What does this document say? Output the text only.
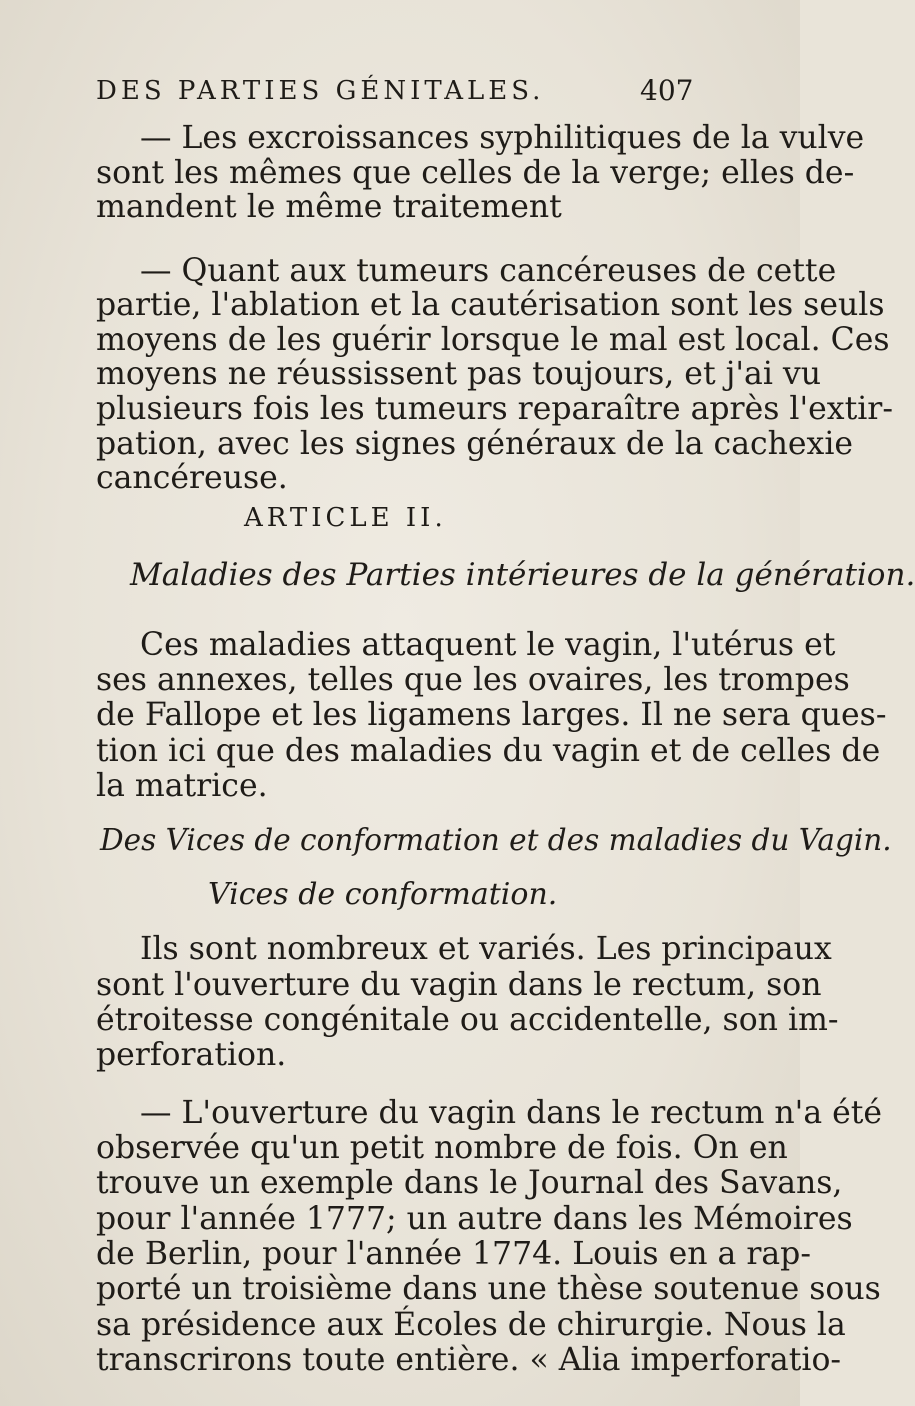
DES PARTIES GÉNITALES.	407
— Les excroissances syphilitiques de la vulve
sont les mêmes que celles de la verge; elles de-
mandent le même traitement
— Quant aux tumeurs cancéreuses de cette
partie, l'ablation et la cautérisation sont les seuls
moyens de les guérir lorsque le mal est local. Ces
moyens ne réussissent pas toujours, et j'ai vu
plusieurs fois les tumeurs reparaître après l'extir-
pation, avec les signes généraux de la cachexie
cancéreuse.
ARTICLE II.
Maladies des Parties intérieures de la génération.
Ces maladies attaquent le vagin, l'utérus et
ses annexes, telles que les ovaires, les trompes
de Fallope et les ligamens larges. Il ne sera ques-
tion ici que des maladies du vagin et de celles de
la matrice.
Des Vices de conformation et des maladies du Vagin.
Vices de conformation.
Ils sont nombreux et variés. Les principaux
sont l'ouverture du vagin dans le rectum, son
étroitesse congénitale ou accidentelle, son im-
perforation.
— L'ouverture du vagin dans le rectum n'a été
observée qu'un petit nombre de fois. On en
trouve un exemple dans le Journal des Savans,
pour l'année 1777; un autre dans les Mémoires
de Berlin, pour l'année 1774. Louis en a rap-
porté un troisième dans une thèse soutenue sous
sa présidence aux Écoles de chirurgie. Nous la
transcrirons toute entière. « Alia imperforatio-
